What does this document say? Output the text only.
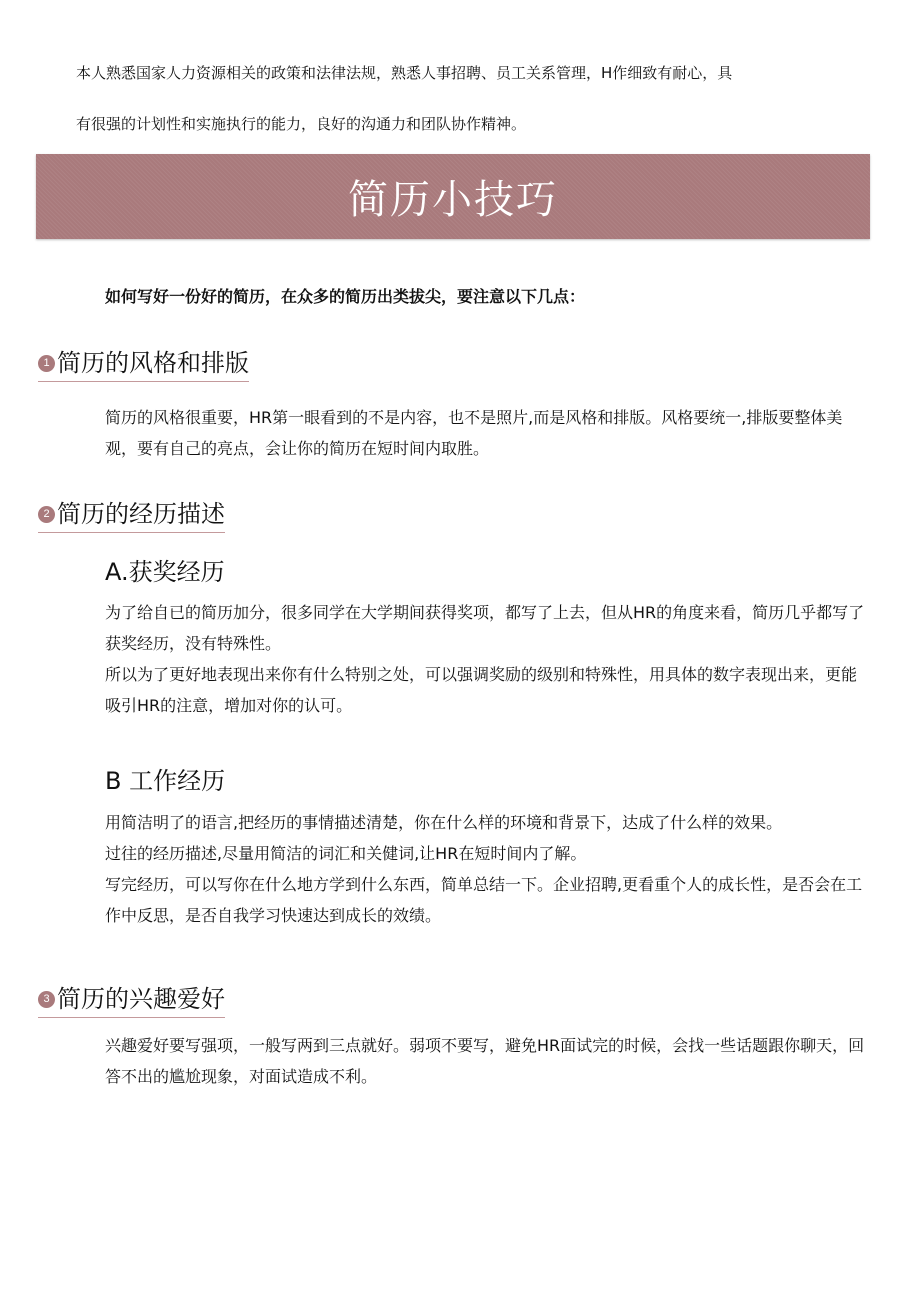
本人熟悉国家人力资源相关的政策和法律法规，熟悉人事招聘、员工关系管理，H作细致有耐心，具
有很强的计划性和实施执行的能力，良好的沟通力和团队协作精神。
简历小技巧
如何写好一份好的简历，在众多的简历出类拔尖，要注意以下几点：
1 简历的风格和排版

简历的风格很重要，HR第一眼看到的不是内容，也不是照片,而是风格和排版。风格要统一,排版要整体美观，要有自己的亮点，会让你的简历在短时间内取胜。

2 简历的经历描述
A.获奖经历

为了给自已的简历加分，很多同学在大学期间获得奖项，都写了上去，但从HR的角度来看，简历几乎都写了获奖经历，没有特殊性。

所以为了更好地表现出来你有什么特别之处，可以强调奖励的级别和特殊性，用具体的数字表现出来，更能吸引HR的注意，增加对你的认可。

B 工作经历

用简洁明了的语言,把经历的事情描述清楚，你在什么样的环境和背景下，达成了什么样的效果。

过往的经历描述,尽量用简洁的词汇和关健词,让HR在短时间内了解。

写完经历，可以写你在什么地方学到什么东西，简单总结一下。企业招聘,更看重个人的成长性，是否会在工作中反思，是否自我学习快速达到成长的效绩。

3 简历的兴趣爱好

兴趣爱好要写强项，一般写两到三点就好。弱项不要写，避免HR面试完的时候，会找一些话题跟你聊天，回答不出的尴尬现象，对面试造成不利。
